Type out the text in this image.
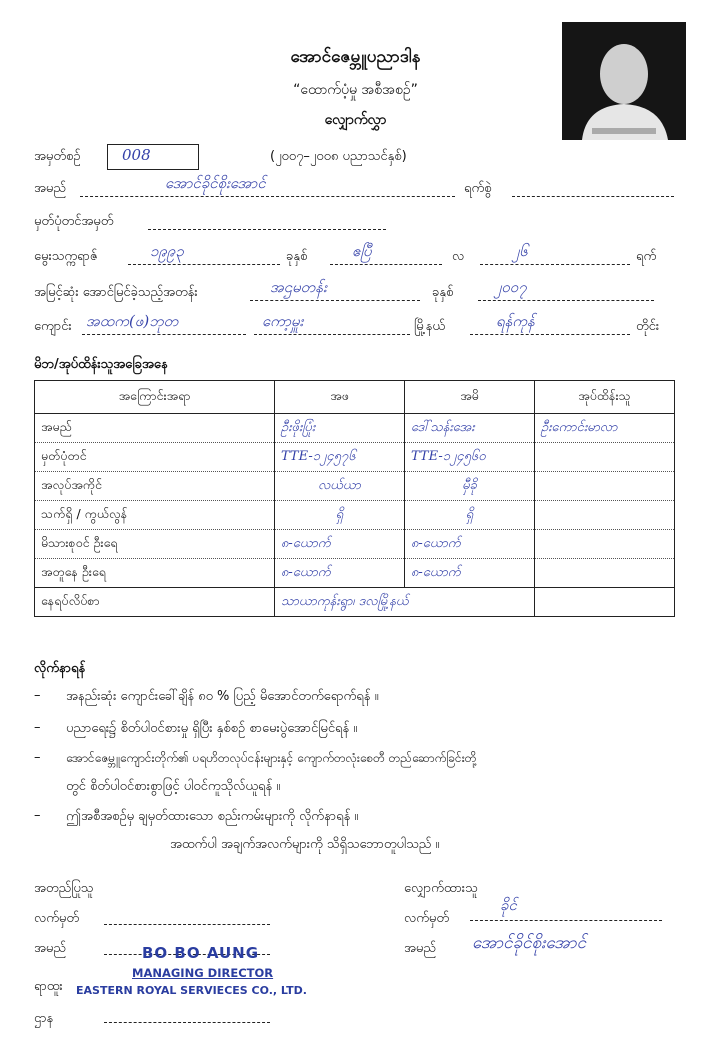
အောင်ဇေမ္ဘူပညာဒါန
“ထောက်ပံ့မှု အစီအစဉ်”
လျှောက်လွှာ
အမှတ်စဉ်	008	(၂၀၀၇–၂၀၀၈ ပညာသင်နှစ်)
အမည်	အောင်ခိုင်စိုးအောင်	ရက်စွဲ
မှတ်ပုံတင်အမှတ်
မွေးသက္ကရာဇ်	၁၉၉၃	ခုနှစ်	ဧပြီ	လ	၂၆	ရက်
အမြင့်ဆုံး အောင်မြင်ခဲ့သည့်အတန်း	အဌမတန်း	ခုနှစ်	၂၀၀၇
ကျောင်း အထက(ဖ)ဘုတ	ကော့မှူး	မြို့နယ်	ရန်ကုန်	တိုင်း
မိဘ/အုပ်ထိန်းသူအခြေအနေ
အကြောင်းအရာ	အဖ	အမိ	အုပ်ထိန်းသူ
အမည်	ဦးဖိုးပြုံး	ဒေါ်သန်းအေး	ဦးကောင်းမာလာ
မှတ်ပုံတင်	TTE-၁၂၄၅၇၆	TTE-၁၂၄၅၆၀	
အလုပ်အကိုင်	လယ်ယာ	မှီခို	
သက်ရှိ / ကွယ်လွန်	ရှိ	ရှိ	
မိသားစုဝင် ဦးရေ	၈-ယောက်	၈-ယောက်	
အတူနေ ဦးရေ	၈-ယောက်	၈-ယောက်	
နေရပ်လိပ်စာ	သာယာကုန်းရွာ၊ ဒလမြို့နယ်		
လိုက်နာရန်
– အနည်းဆုံး ကျောင်းခေါ်ချိန် ၈၀ % ပြည့် မိအောင်တက်ရောက်ရန် ။
– ပညာရေး၌ စိတ်ပါဝင်စားမှု ရှိပြီး နှစ်စဉ် စာမေးပွဲအောင်မြင်ရန် ။
– အောင်ဇေမ္ဘူကျောင်းတိုက်၏ ပရဟိတလုပ်ငန်းများနှင့် ကျောက်တလုံးစေတီ တည်ဆောက်ခြင်းတို့
တွင် စိတ်ပါဝင်စားစွာဖြင့် ပါဝင်ကူသိုလ်ယူရန် ။
– ဤအစီအစဉ်မှ ချမှတ်ထားသော စည်းကမ်းများကို လိုက်နာရန် ။
အထက်ပါ အချက်အလက်များကို သိရှိသဘောတူပါသည် ။
အတည်ပြုသူ
လက်မှတ်
အမည်
ရာထူး
ဌာန
BO BO AUNG
MANAGING DIRECTOR
EASTERN ROYAL SERVIECES CO., LTD.
လျှောက်ထားသူ
လက်မှတ်
ခိုင်
အမည် အောင်ခိုင်စိုးအောင်
